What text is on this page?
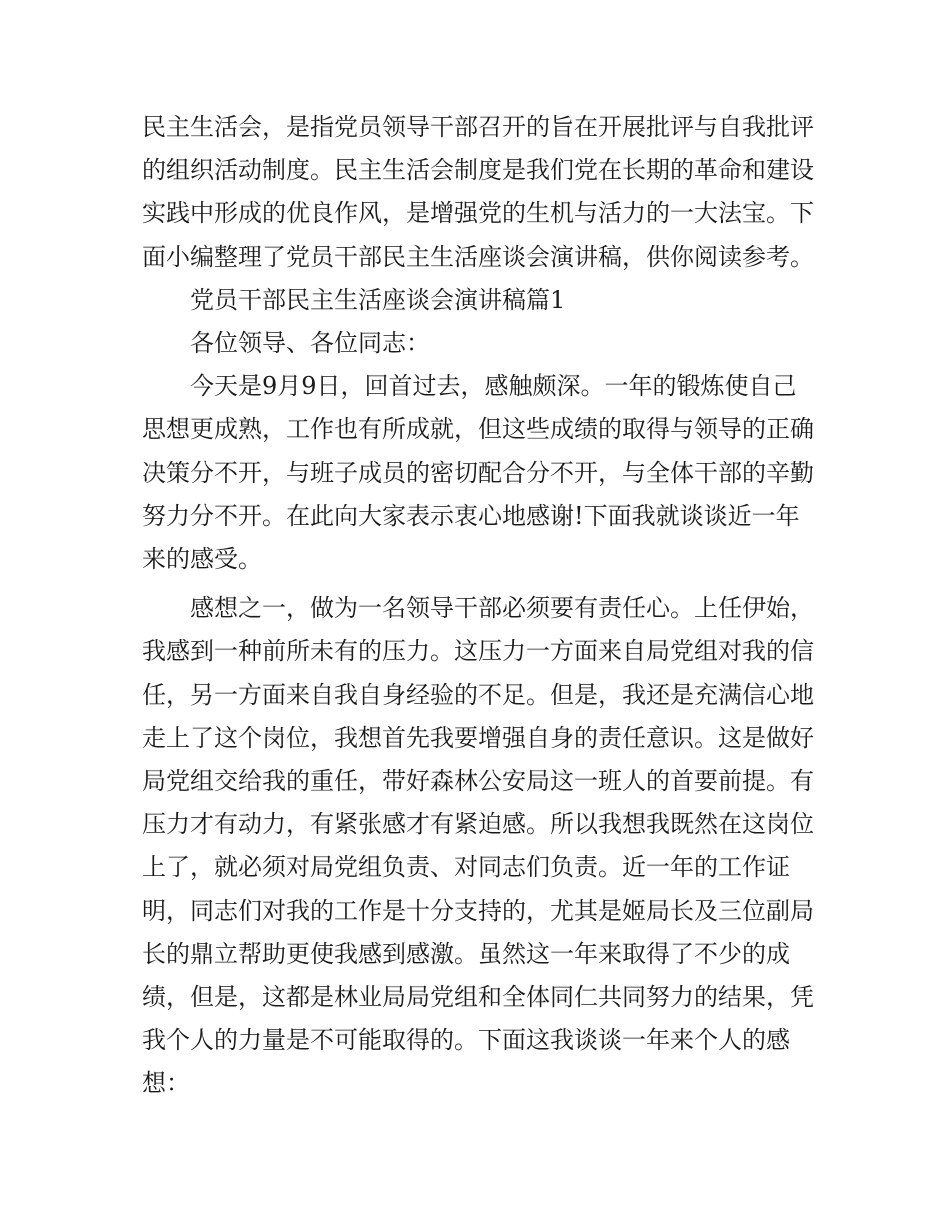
民主生活会，是指党员领导干部召开的旨在开展批评与自我批评的组织活动制度。民主生活会制度是我们党在长期的革命和建设实践中形成的优良作风，是增强党的生机与活力的一大法宝。下面小编整理了党员干部民主生活座谈会演讲稿，供你阅读参考。

党员干部民主生活座谈会演讲稿篇1

各位领导、各位同志：

今天是9月9日，回首过去，感触颇深。一年的锻炼使自己思想更成熟，工作也有所成就，但这些成绩的取得与领导的正确决策分不开，与班子成员的密切配合分不开，与全体干部的辛勤努力分不开。在此向大家表示衷心地感谢!下面我就谈谈近一年来的感受。

感想之一，做为一名领导干部必须要有责任心。上任伊始，我感到一种前所未有的压力。这压力一方面来自局党组对我的信任，另一方面来自我自身经验的不足。但是，我还是充满信心地走上了这个岗位，我想首先我要增强自身的责任意识。这是做好局党组交给我的重任，带好森林公安局这一班人的首要前提。有压力才有动力，有紧张感才有紧迫感。所以我想我既然在这岗位上了，就必须对局党组负责、对同志们负责。近一年的工作证明，同志们对我的工作是十分支持的，尤其是姬局长及三位副局长的鼎立帮助更使我感到感激。虽然这一年来取得了不少的成绩，但是，这都是林业局局党组和全体同仁共同努力的结果，凭我个人的力量是不可能取得的。下面这我谈谈一年来个人的感想：
